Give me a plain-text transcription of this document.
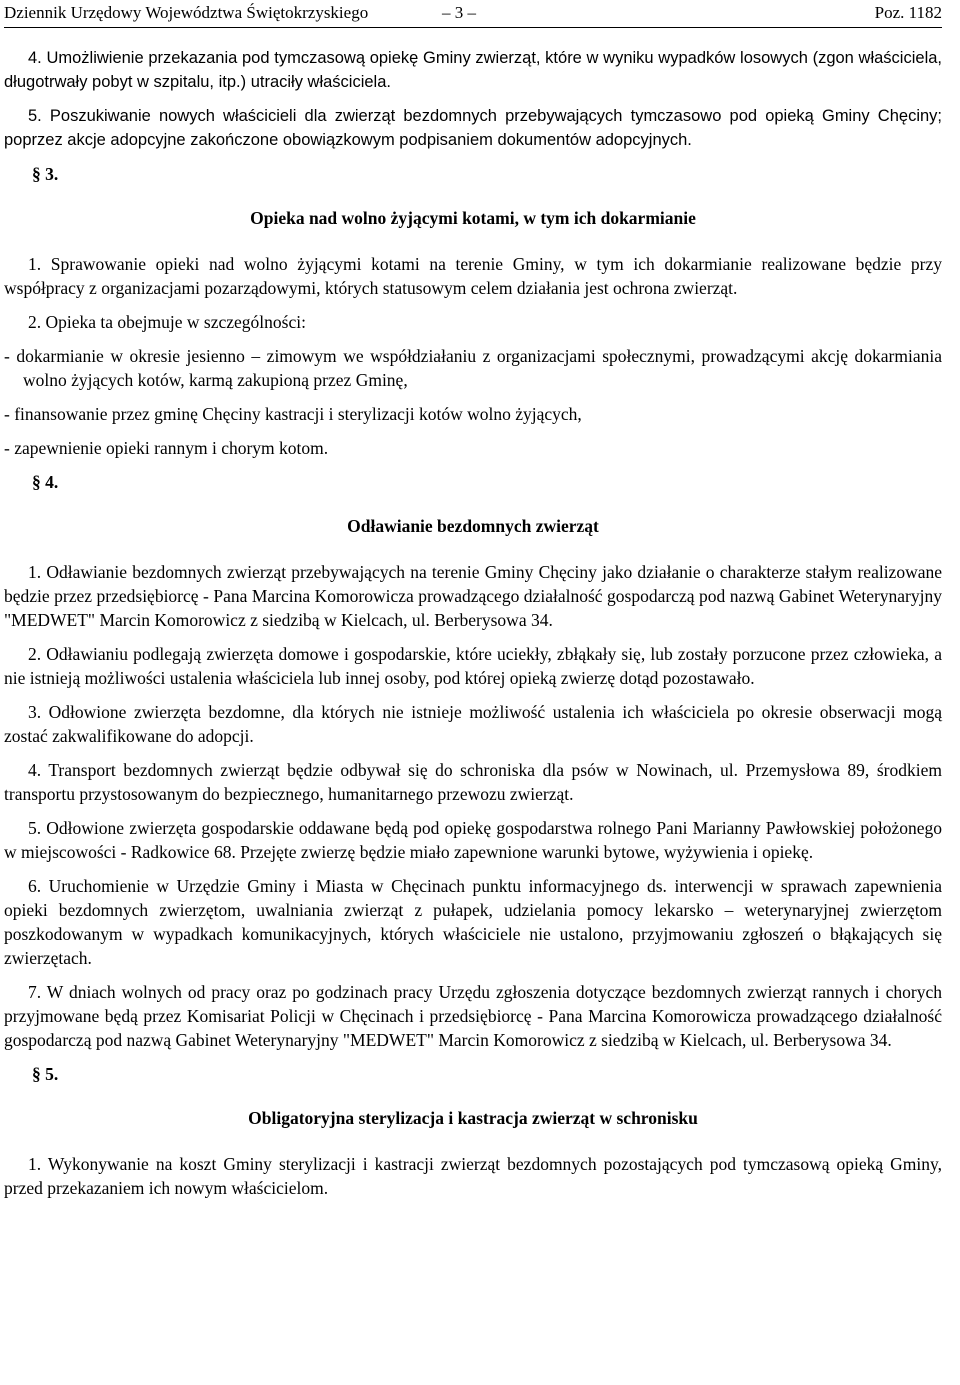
Dziennik Urzędowy Województwa Świętokrzyskiego	– 3 –	Poz. 1182

4. Umożliwienie przekazania pod tymczasową opiekę Gminy zwierząt, które w wyniku wypadków losowych (zgon właściciela, długotrwały pobyt w szpitalu, itp.) utraciły właściciela.

5. Poszukiwanie nowych właścicieli dla zwierząt bezdomnych przebywających tymczasowo pod opieką Gminy Chęciny; poprzez akcje adopcyjne zakończone obowiązkowym podpisaniem dokumentów adopcyjnych.

§ 3.
Opieka nad wolno żyjącymi kotami, w tym ich dokarmianie

1. Sprawowanie opieki nad wolno żyjącymi kotami na terenie Gminy, w tym ich dokarmianie realizowane będzie przy współpracy z organizacjami pozarządowymi, których statusowym celem działania jest ochrona zwierząt.

2. Opieka ta obejmuje w szczególności:

- dokarmianie w okresie jesienno – zimowym we współdziałaniu z organizacjami społecznymi, prowadzącymi akcję dokarmiania wolno żyjących kotów, karmą zakupioną przez Gminę,
- finansowanie przez gminę Chęciny kastracji i sterylizacji kotów wolno żyjących,
- zapewnienie opieki rannym i chorym kotom.
§ 4.
Odławianie bezdomnych zwierząt

1. Odławianie bezdomnych zwierząt przebywających na terenie Gminy Chęciny jako działanie o charakterze stałym realizowane będzie przez przedsiębiorcę - Pana Marcina Komorowicza prowadzącego działalność gospodarczą pod nazwą Gabinet Weterynaryjny "MEDWET" Marcin Komorowicz z siedzibą w Kielcach, ul. Berberysowa 34.

2. Odławianiu podlegają zwierzęta domowe i gospodarskie, które uciekły, zbłąkały się, lub zostały porzucone przez człowieka, a nie istnieją możliwości ustalenia właściciela lub innej osoby, pod której opieką zwierzę dotąd pozostawało.

3. Odłowione zwierzęta bezdomne, dla których nie istnieje możliwość ustalenia ich właściciela po okresie obserwacji mogą zostać zakwalifikowane do adopcji.

4. Transport bezdomnych zwierząt będzie odbywał się do schroniska dla psów w Nowinach, ul. Przemysłowa 89, środkiem transportu przystosowanym do bezpiecznego, humanitarnego przewozu zwierząt.

5. Odłowione zwierzęta gospodarskie oddawane będą pod opiekę gospodarstwa rolnego Pani Marianny Pawłowskiej położonego w miejscowości - Radkowice 68. Przejęte zwierzę będzie miało zapewnione warunki bytowe, wyżywienia i opiekę.

6. Uruchomienie w Urzędzie Gminy i Miasta w Chęcinach punktu informacyjnego ds. interwencji w sprawach zapewnienia opieki bezdomnych zwierzętom, uwalniania zwierząt z pułapek, udzielania pomocy lekarsko – weterynaryjnej zwierzętom poszkodowanym w wypadkach komunikacyjnych, których właściciele nie ustalono, przyjmowaniu zgłoszeń o błąkających się zwierzętach.

7. W dniach wolnych od pracy oraz po godzinach pracy Urzędu zgłoszenia dotyczące bezdomnych zwierząt rannych i chorych przyjmowane będą przez Komisariat Policji w Chęcinach i przedsiębiorcę - Pana Marcina Komorowicza prowadzącego działalność gospodarczą pod nazwą Gabinet Weterynaryjny "MEDWET" Marcin Komorowicz z siedzibą w Kielcach, ul. Berberysowa 34.

§ 5.
Obligatoryjna sterylizacja i kastracja zwierząt w schronisku

1. Wykonywanie na koszt Gminy sterylizacji i kastracji zwierząt bezdomnych pozostających pod tymczasową opieką Gminy, przed przekazaniem ich nowym właścicielom.
